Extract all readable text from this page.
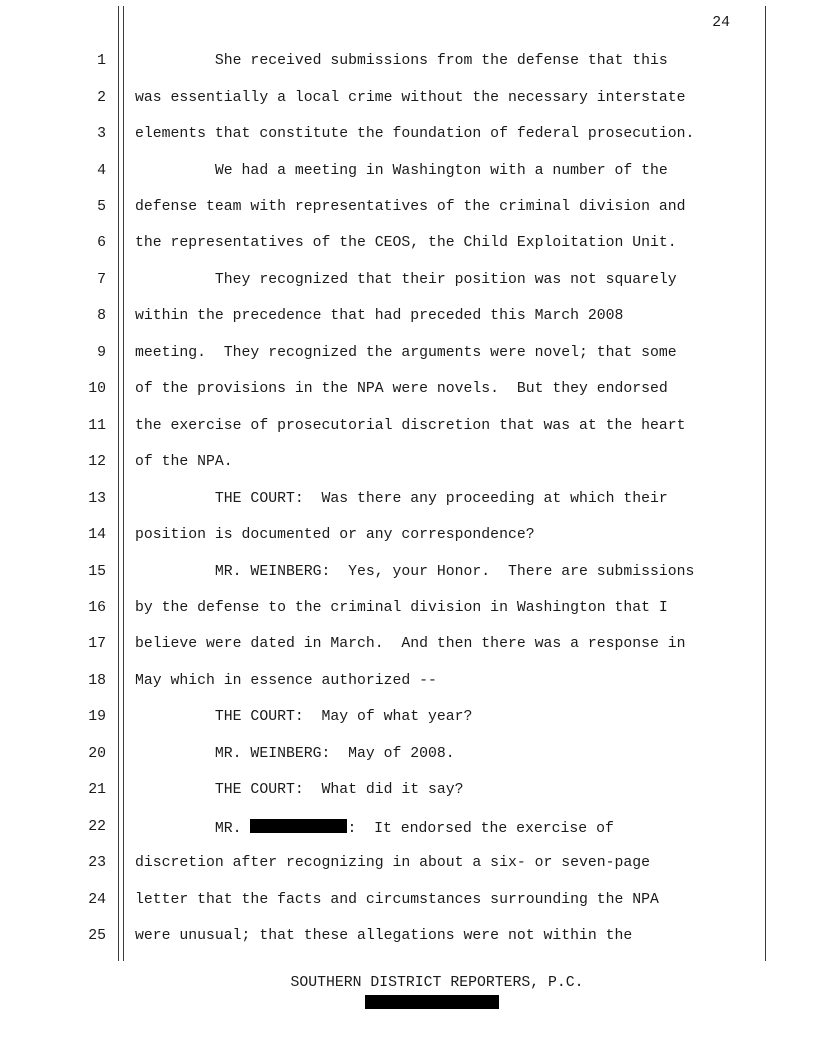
24
1 She received submissions from the defense that this
2 was essentially a local crime without the necessary interstate
3 elements that constitute the foundation of federal prosecution.
4 We had a meeting in Washington with a number of the
5 defense team with representatives of the criminal division and
6 the representatives of the CEOS, the Child Exploitation Unit.
7 They recognized that their position was not squarely
8 within the precedence that had preceded this March 2008
9 meeting.  They recognized the arguments were novel; that some
10 of the provisions in the NPA were novels.  But they endorsed
11 the exercise of prosecutorial discretion that was at the heart
12 of the NPA.
13 THE COURT:  Was there any proceeding at which their
14 position is documented or any correspondence?
15 MR. WEINBERG:  Yes, your Honor.  There are submissions
16 by the defense to the criminal division in Washington that I
17 believe were dated in March.  And then there was a response in
18 May which in essence authorized --
19 THE COURT:  May of what year?
20 MR. WEINBERG:  May of 2008.
21 THE COURT:  What did it say?
22 MR.	:  It endorsed the exercise of
23 discretion after recognizing in about a six- or seven-page
24 letter that the facts and circumstances surrounding the NPA
25 were unusual; that these allegations were not within the
SOUTHERN DISTRICT REPORTERS, P.C.
